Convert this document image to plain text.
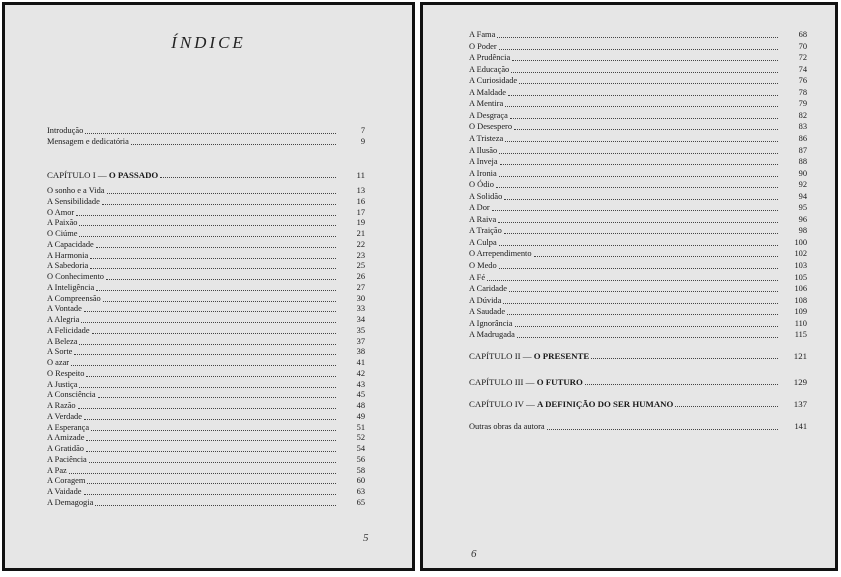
ÍNDICE
Introdução	7
Mensagem e dedicatória	9
CAPÍTULO I — O PASSADO	11
O sonho e a Vida	13
A Sensibilidade	16
O Amor	17
A Paixão	19
O Ciúme	21
A Capacidade	22
A Harmonia	23
A Sabedoria	25
O Conhecimento	26
A Inteligência	27
A Compreensão	30
A Vontade	33
A Alegria	34
A Felicidade	35
A Beleza	37
A Sorte	38
O azar	41
O Respeito	42
A Justiça	43
A Consciência	45
A Razão	48
A Verdade	49
A Esperança	51
A Amizade	52
A Gratidão	54
A Paciência	56
A Paz	58
A Coragem	60
A Vaidade	63
A Demagogia	65
5
A Fama	68
O Poder	70
A Prudência	72
A Educação	74
A Curiosidade	76
A Maldade	78
A Mentira	79
A Desgraça	82
O Desespero	83
A Tristeza	86
A Ilusão	87
A Inveja	88
A Ironia	90
O Ódio	92
A Solidão	94
A Dor	95
A Raiva	96
A Traição	98
A Culpa	100
O Arrependimento	102
O Medo	103
A Fé	105
A Caridade	106
A Dúvida	108
A Saudade	109
A Ignorância	110
A Madrugada	115
CAPÍTULO II — O PRESENTE	121
CAPÍTULO III — O FUTURO	129
CAPÍTULO IV — A DEFINIÇÃO DO SER HUMANO	137
Outras obras da autora	141
6
